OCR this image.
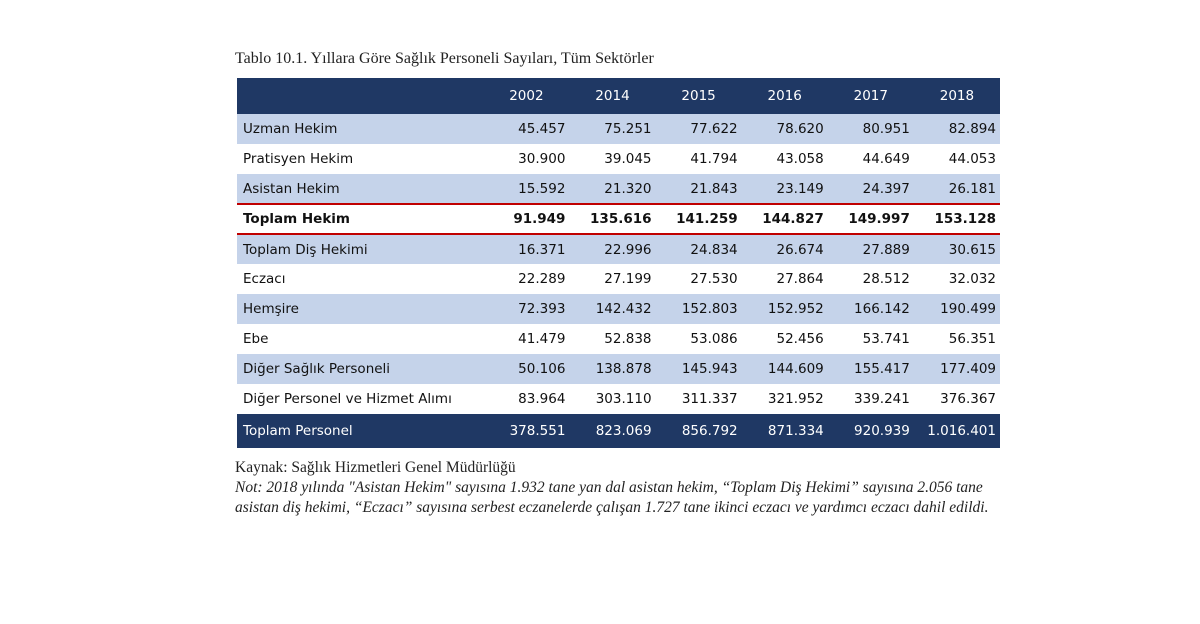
Tablo 10.1. Yıllara Göre Sağlık Personeli Sayıları, Tüm Sektörler
	2002	2014	2015	2016	2017	2018
Uzman Hekim	45.457	75.251	77.622	78.620	80.951	82.894
Pratisyen Hekim	30.900	39.045	41.794	43.058	44.649	44.053
Asistan Hekim	15.592	21.320	21.843	23.149	24.397	26.181
Toplam Hekim	91.949	135.616	141.259	144.827	149.997	153.128
Toplam Diş Hekimi	16.371	22.996	24.834	26.674	27.889	30.615
Eczacı	22.289	27.199	27.530	27.864	28.512	32.032
Hemşire	72.393	142.432	152.803	152.952	166.142	190.499
Ebe	41.479	52.838	53.086	52.456	53.741	56.351
Diğer Sağlık Personeli	50.106	138.878	145.943	144.609	155.417	177.409
Diğer Personel ve Hizmet Alımı	83.964	303.110	311.337	321.952	339.241	376.367
Toplam Personel	378.551	823.069	856.792	871.334	920.939	1.016.401
Kaynak: Sağlık Hizmetleri Genel Müdürlüğü
Not: 2018 yılında "Asistan Hekim" sayısına 1.932 tane yan dal asistan hekim, “Toplam Diş Hekimi” sayısına 2.056 tane asistan diş hekimi, “Eczacı” sayısına serbest eczanelerde çalışan 1.727 tane ikinci eczacı ve yardımcı eczacı dahil edildi.
